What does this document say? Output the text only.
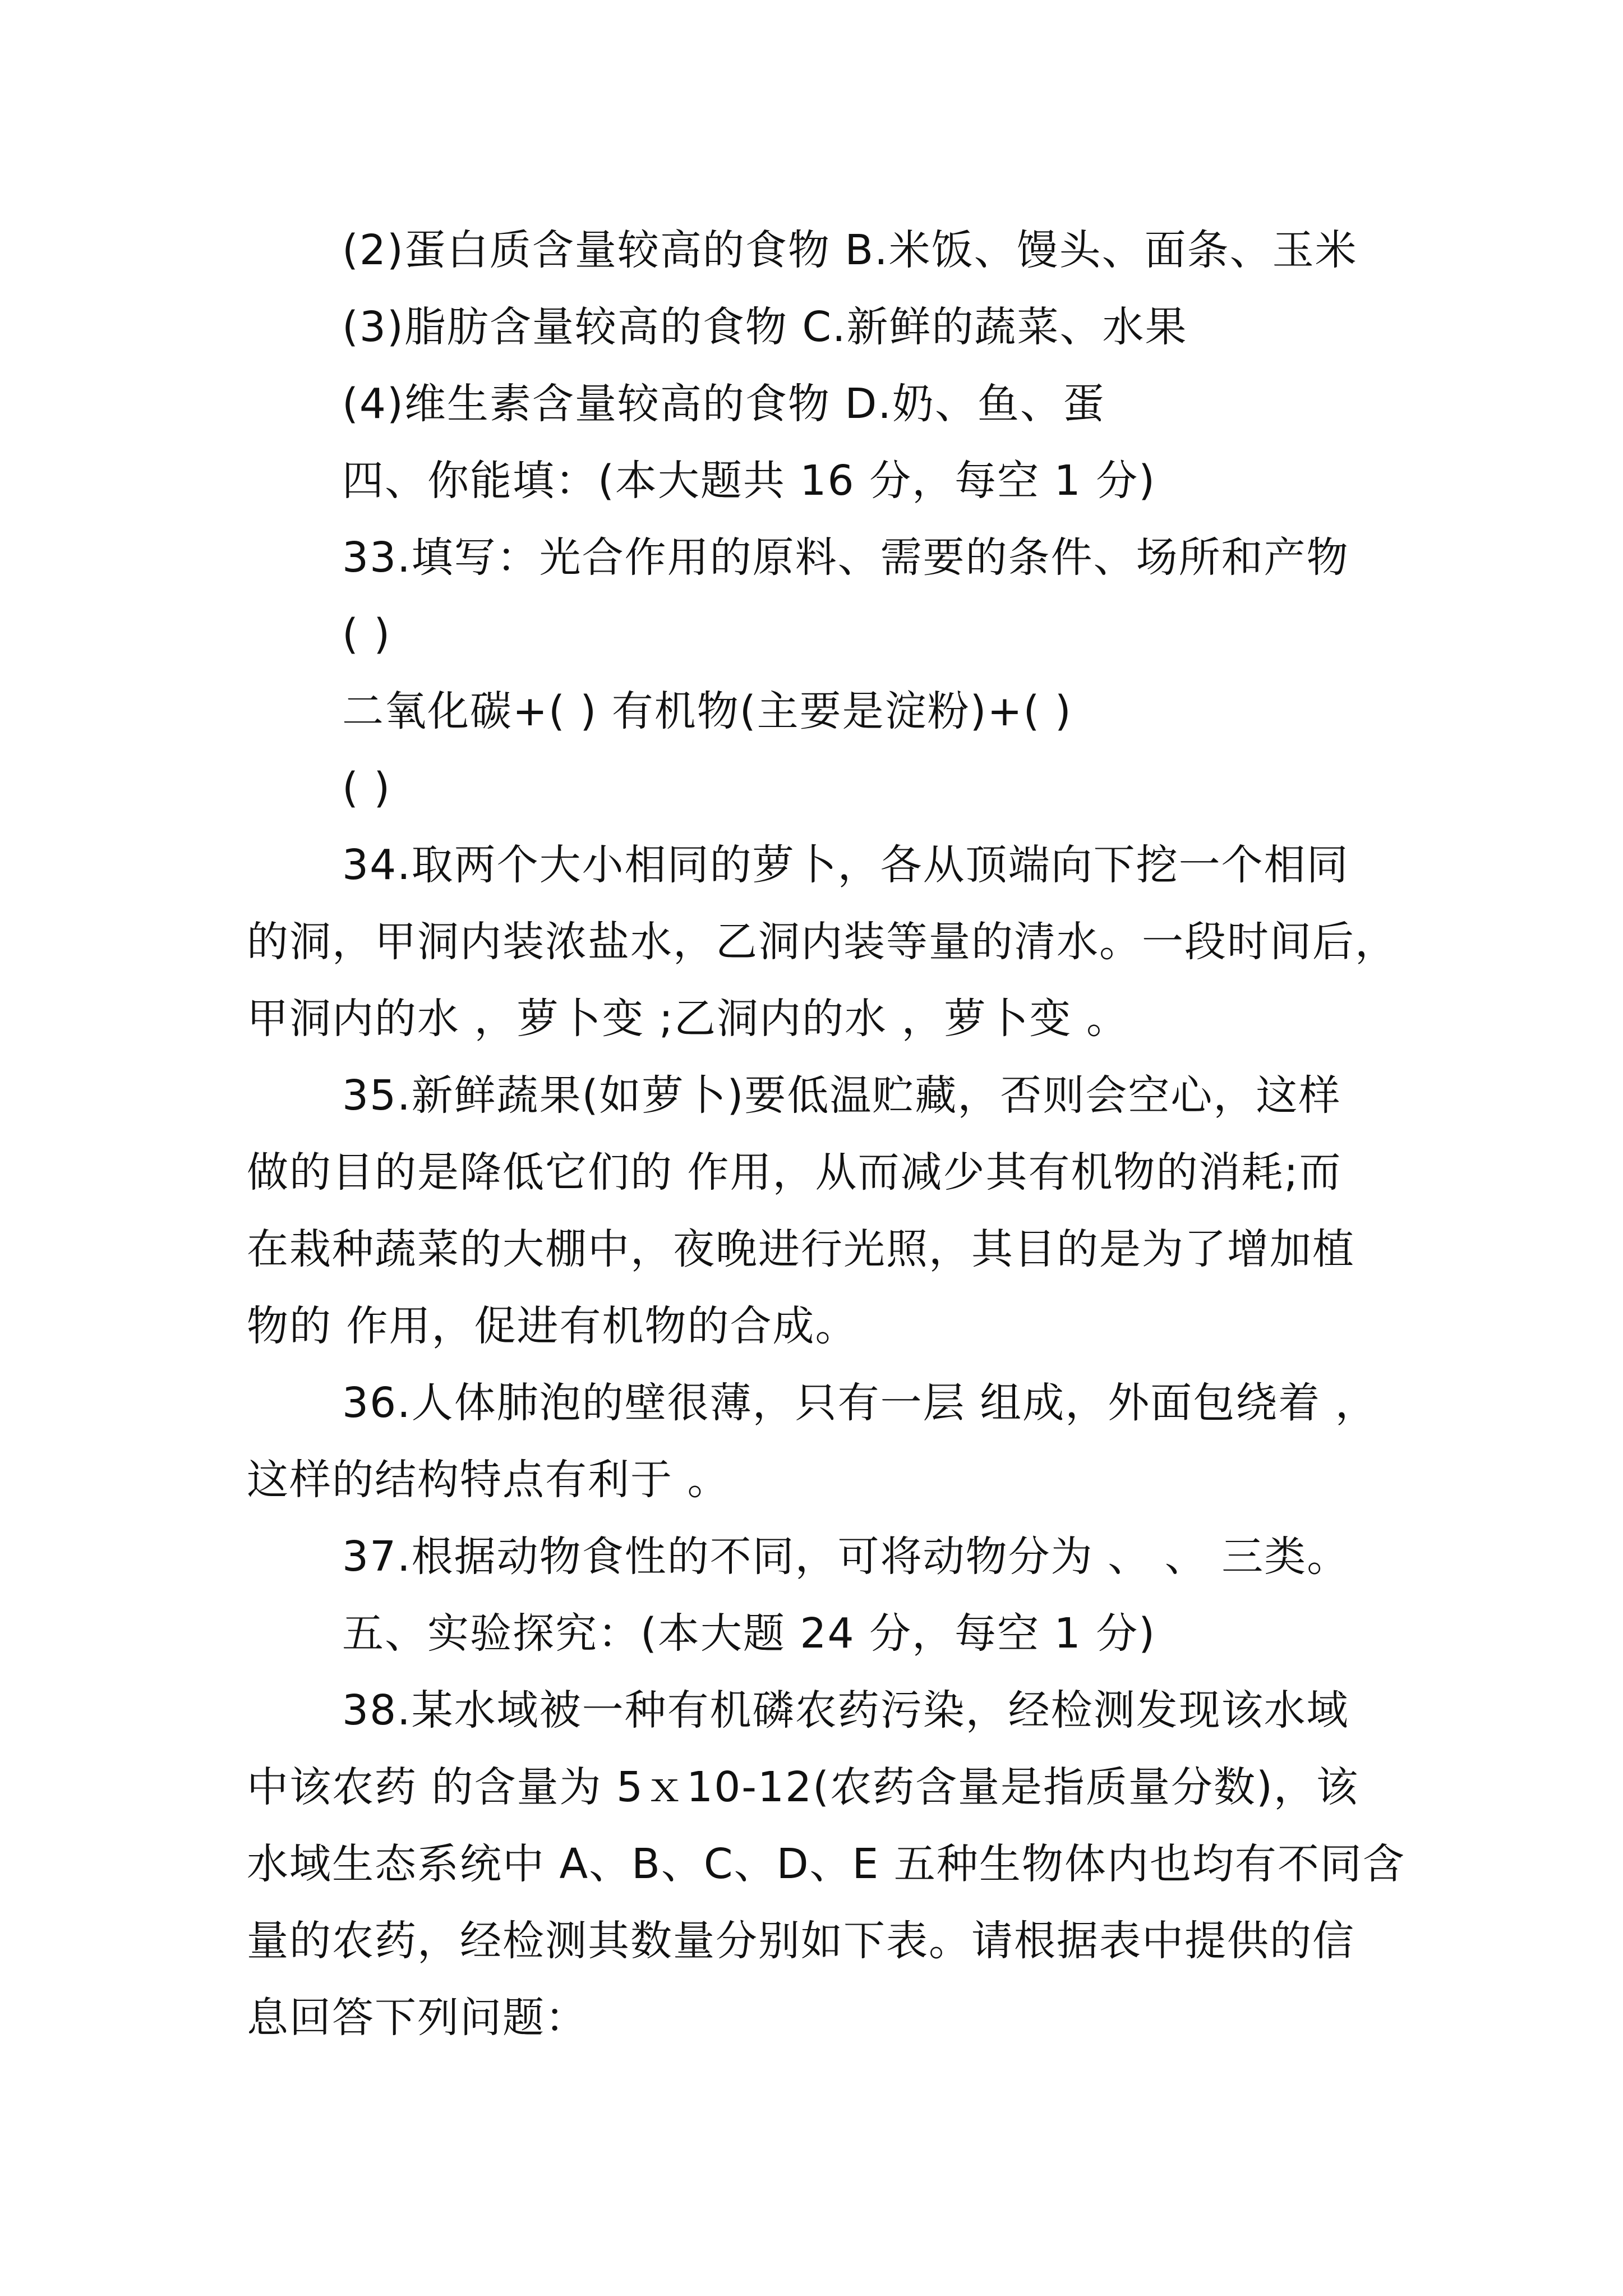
(2)蛋白质含量较高的食物 B.米饭、馒头、面条、玉米
(3)脂肪含量较高的食物 C.新鲜的蔬菜、水果
(4)维生素含量较高的食物 D.奶、鱼、蛋
四、你能填：(本大题共 16 分，每空 1 分)
33.填写：光合作用的原料、需要的条件、场所和产物
( )
二氧化碳+( ) 有机物(主要是淀粉)+( )
( )
34.取两个大小相同的萝卜，各从顶端向下挖一个相同
的洞，甲洞内装浓盐水，乙洞内装等量的清水。一段时间后，
甲洞内的水 ，萝卜变 ;乙洞内的水 ，萝卜变 。
35.新鲜蔬果(如萝卜)要低温贮藏，否则会空心，这样
做的目的是降低它们的 作用，从而减少其有机物的消耗;而
在栽种蔬菜的大棚中，夜晚进行光照，其目的是为了增加植
物的 作用，促进有机物的合成。
36.人体肺泡的壁很薄，只有一层 组成，外面包绕着 ，
这样的结构特点有利于 。
37.根据动物食性的不同，可将动物分为 、 、 三类。
五、实验探究：(本大题 24 分，每空 1 分)
38.某水域被一种有机磷农药污染，经检测发现该水域
中该农药 的含量为 5ｘ10-12(农药含量是指质量分数)，该
水域生态系统中 A、B、C、D、E 五种生物体内也均有不同含
量的农药，经检测其数量分别如下表。请根据表中提供的信
息回答下列问题：
